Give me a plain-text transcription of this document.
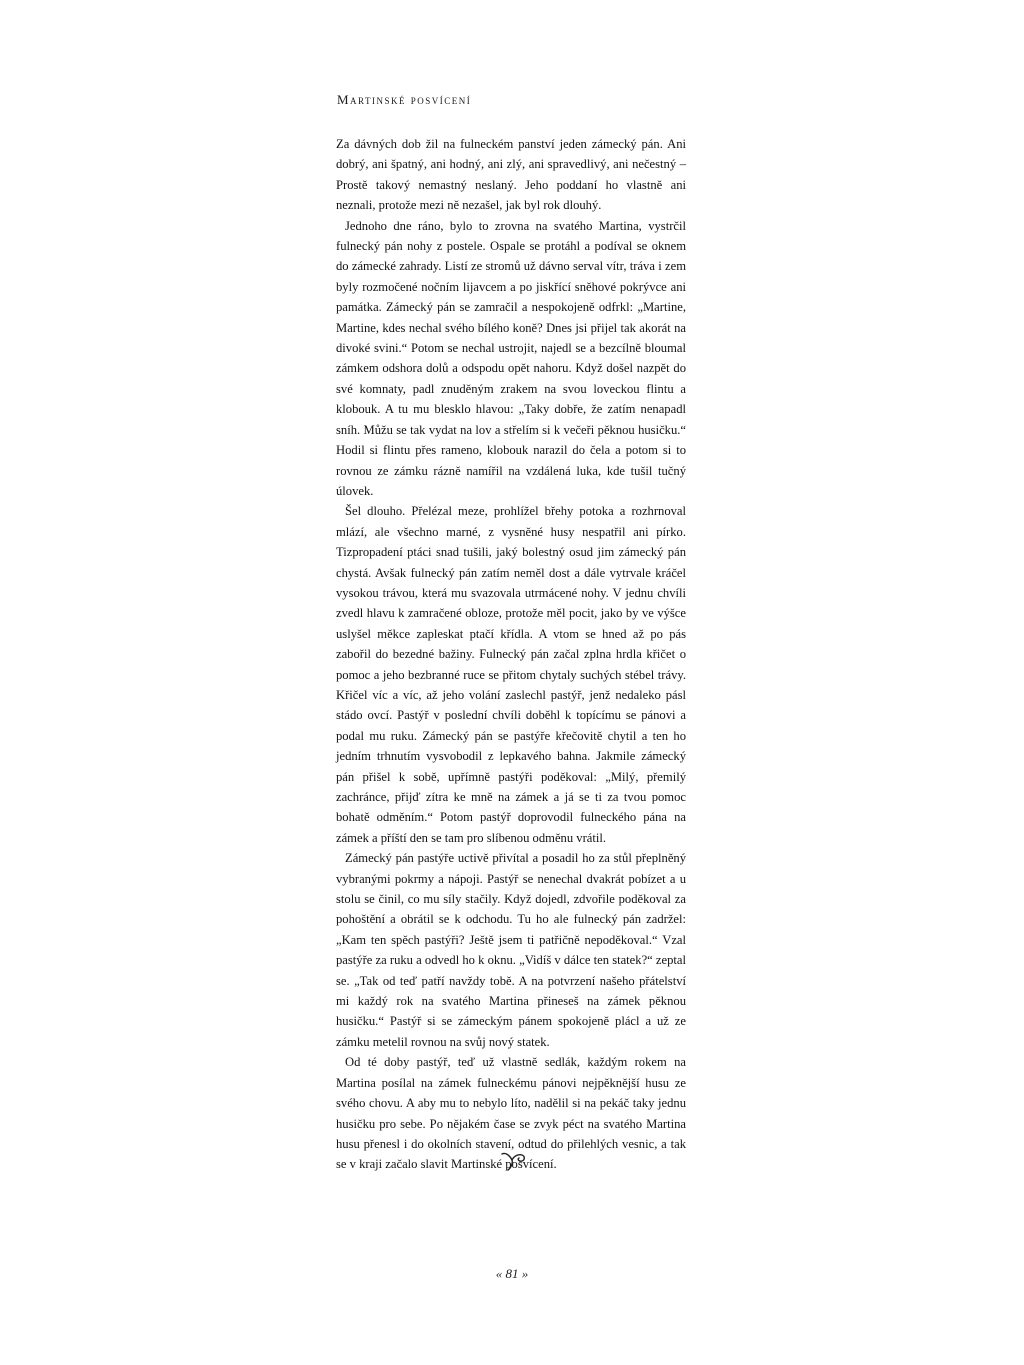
Martinské posvícení

Za dávných dob žil na fulneckém panství jeden zámecký pán. Ani dobrý, ani špatný, ani hodný, ani zlý, ani spravedlivý, ani nečestný – Prostě takový nemastný neslaný. Jeho poddaní ho vlastně ani neznali, protože mezi ně nezašel, jak byl rok dlouhý.

Jednoho dne ráno, bylo to zrovna na svatého Martina, vystrčil fulnecký pán nohy z postele. Ospale se protáhl a podíval se oknem do zámecké zahrady. Listí ze stromů už dávno serval vítr, tráva i zem byly rozmočené nočním lijavcem a po jiskřící sněhové pokrývce ani památka. Zámecký pán se zamračil a nespokojeně odfrkl: „Martine, Martine, kdes nechal svého bílého koně? Dnes jsi přijel tak akorát na divoké svini.“ Potom se nechal ustrojit, najedl se a bezcílně bloumal zámkem odshora dolů a odspodu opět nahoru. Když došel nazpět do své komnaty, padl znuděným zrakem na svou loveckou flintu a klobouk. A tu mu blesklo hlavou: „Taky dobře, že zatím nenapadl sníh. Můžu se tak vydat na lov a střelím si k večeři pěknou husičku.“ Hodil si flintu přes rameno, klobouk narazil do čela a potom si to rovnou ze zámku rázně namířil na vzdálená luka, kde tušil tučný úlovek.

Šel dlouho. Přelézal meze, prohlížel břehy potoka a rozhrnoval mlází, ale všechno marné, z vysněné husy nespatřil ani pírko. Tizpropadení ptáci snad tušili, jaký bolestný osud jim zámecký pán chystá. Avšak fulnecký pán zatím neměl dost a dále vytrvale kráčel vysokou trávou, která mu svazovala utrmácené nohy. V jednu chvíli zvedl hlavu k zamračené obloze, protože měl pocit, jako by ve výšce uslyšel měkce zapleskat ptačí křídla. A vtom se hned až po pás zabořil do bezedné bažiny. Fulnecký pán začal zplna hrdla křičet o pomoc a jeho bezbranné ruce se přitom chytaly suchých stébel trávy. Křičel víc a víc, až jeho volání zaslechl pastýř, jenž nedaleko pásl stádo ovcí. Pastýř v poslední chvíli doběhl k topícímu se pánovi a podal mu ruku. Zámecký pán se pastýře křečovitě chytil a ten ho jedním trhnutím vysvobodil z lepkavého bahna. Jakmile zámecký pán přišel k sobě, upřímně pastýři poděkoval: „Milý, přemilý zachránce, přijď zítra ke mně na zámek a já se ti za tvou pomoc bohatě odměním.“ Potom pastýř doprovodil fulneckého pána na zámek a příští den se tam pro slíbenou odměnu vrátil.

Zámecký pán pastýře uctivě přivítal a posadil ho za stůl přeplněný vybranými pokrmy a nápoji. Pastýř se nenechal dvakrát pobízet a u stolu se činil, co mu síly stačily. Když dojedl, zdvořile poděkoval za pohoštění a obrátil se k odchodu. Tu ho ale fulnecký pán zadržel: „Kam ten spěch pastýři? Ještě jsem ti patřičně nepoděkoval.“ Vzal pastýře za ruku a odvedl ho k oknu. „Vidíš v dálce ten statek?“ zeptal se. „Tak od teď patří navždy tobě. A na potvrzení našeho přátelství mi každý rok na svatého Martina přineseš na zámek pěknou husičku.“ Pastýř si se zámeckým pánem spokojeně plácl a už ze zámku metelil rovnou na svůj nový statek.

Od té doby pastýř, teď už vlastně sedlák, každým rokem na Martina posílal na zámek fulneckému pánovi nejpěknější husu ze svého chovu. A aby mu to nebylo líto, nadělil si na pekáč taky jednu husičku pro sebe. Po nějakém čase se zvyk péct na svatého Martina husu přenesl i do okolních stavení, odtud do přilehlých vesnic, a tak se v kraji začalo slavit Martinské posvícení.

« 81 »
